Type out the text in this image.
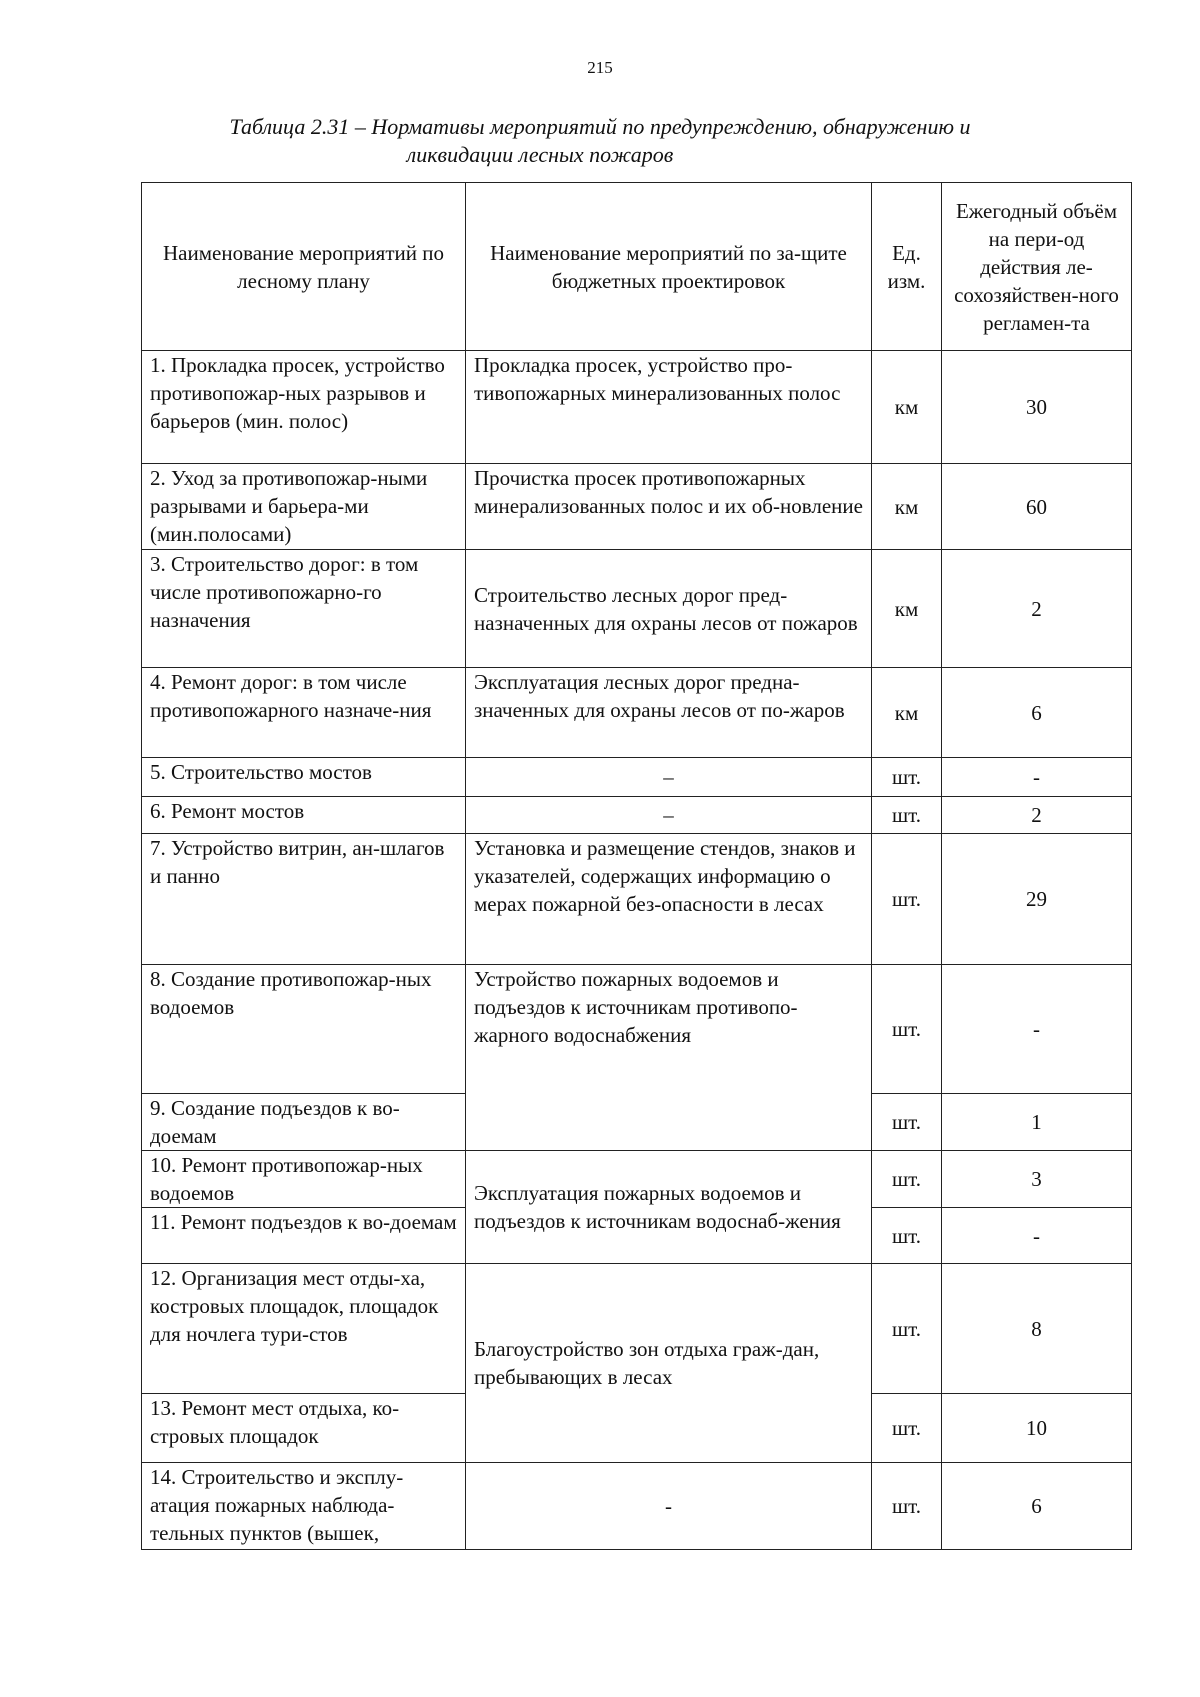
215
Таблица 2.31 – Нормативы мероприятий по предупреждению, обнаружению и
ликвидации лесных пожаров
Наименование мероприятий по лесному плану	Наименование мероприятий по за-щите бюджетных проектировок	Ед. изм.	Ежегодный объём на пери-од действия ле-сохозяйствен-ного регламен-та
1. Прокладка просек, устройство противопожар-ных разрывов и барьеров (мин. полос)	Прокладка просек, устройство про-тивопожарных минерализованных полос	км	30
2. Уход за противопожар-ными разрывами и барьера-ми (мин.полосами)	Прочистка просек противопожарных минерализованных полос и их об-новление	км	60
3. Строительство дорог: в том числе противопожарно-го назначения	Строительство лесных дорог пред-назначенных для охраны лесов от пожаров	км	2
4. Ремонт дорог: в том числе противопожарного назначе-ния	Эксплуатация лесных дорог предна-значенных для охраны лесов от по-жаров	км	6
5. Строительство мостов	–	шт.	-
6. Ремонт мостов	–	шт.	2
7. Устройство витрин, ан-шлагов и панно	Установка и размещение стендов, знаков и указателей, содержащих информацию о мерах пожарной без-опасности в лесах	шт.	29
8. Создание противопожар-ных водоемов	Устройство пожарных водоемов и подъездов к источникам противопо-жарного водоснабжения	шт.	-
9. Создание подъездов к во-доемам		шт.	1
10. Ремонт противопожар-ных водоемов	Эксплуатация пожарных водоемов и подъездов к источникам водоснаб-жения	шт.	3
11. Ремонт подъездов к во-доемам		шт.	-
12. Организация мест отды-ха, костровых площадок, площадок для ночлега тури-стов	Благоустройство зон отдыха граж-дан, пребывающих в лесах	шт.	8
13. Ремонт мест отдыха, ко-стровых площадок		шт.	10
14. Строительство и эксплу-атация пожарных наблюда-тельных пунктов (вышек,	-	шт.	6
